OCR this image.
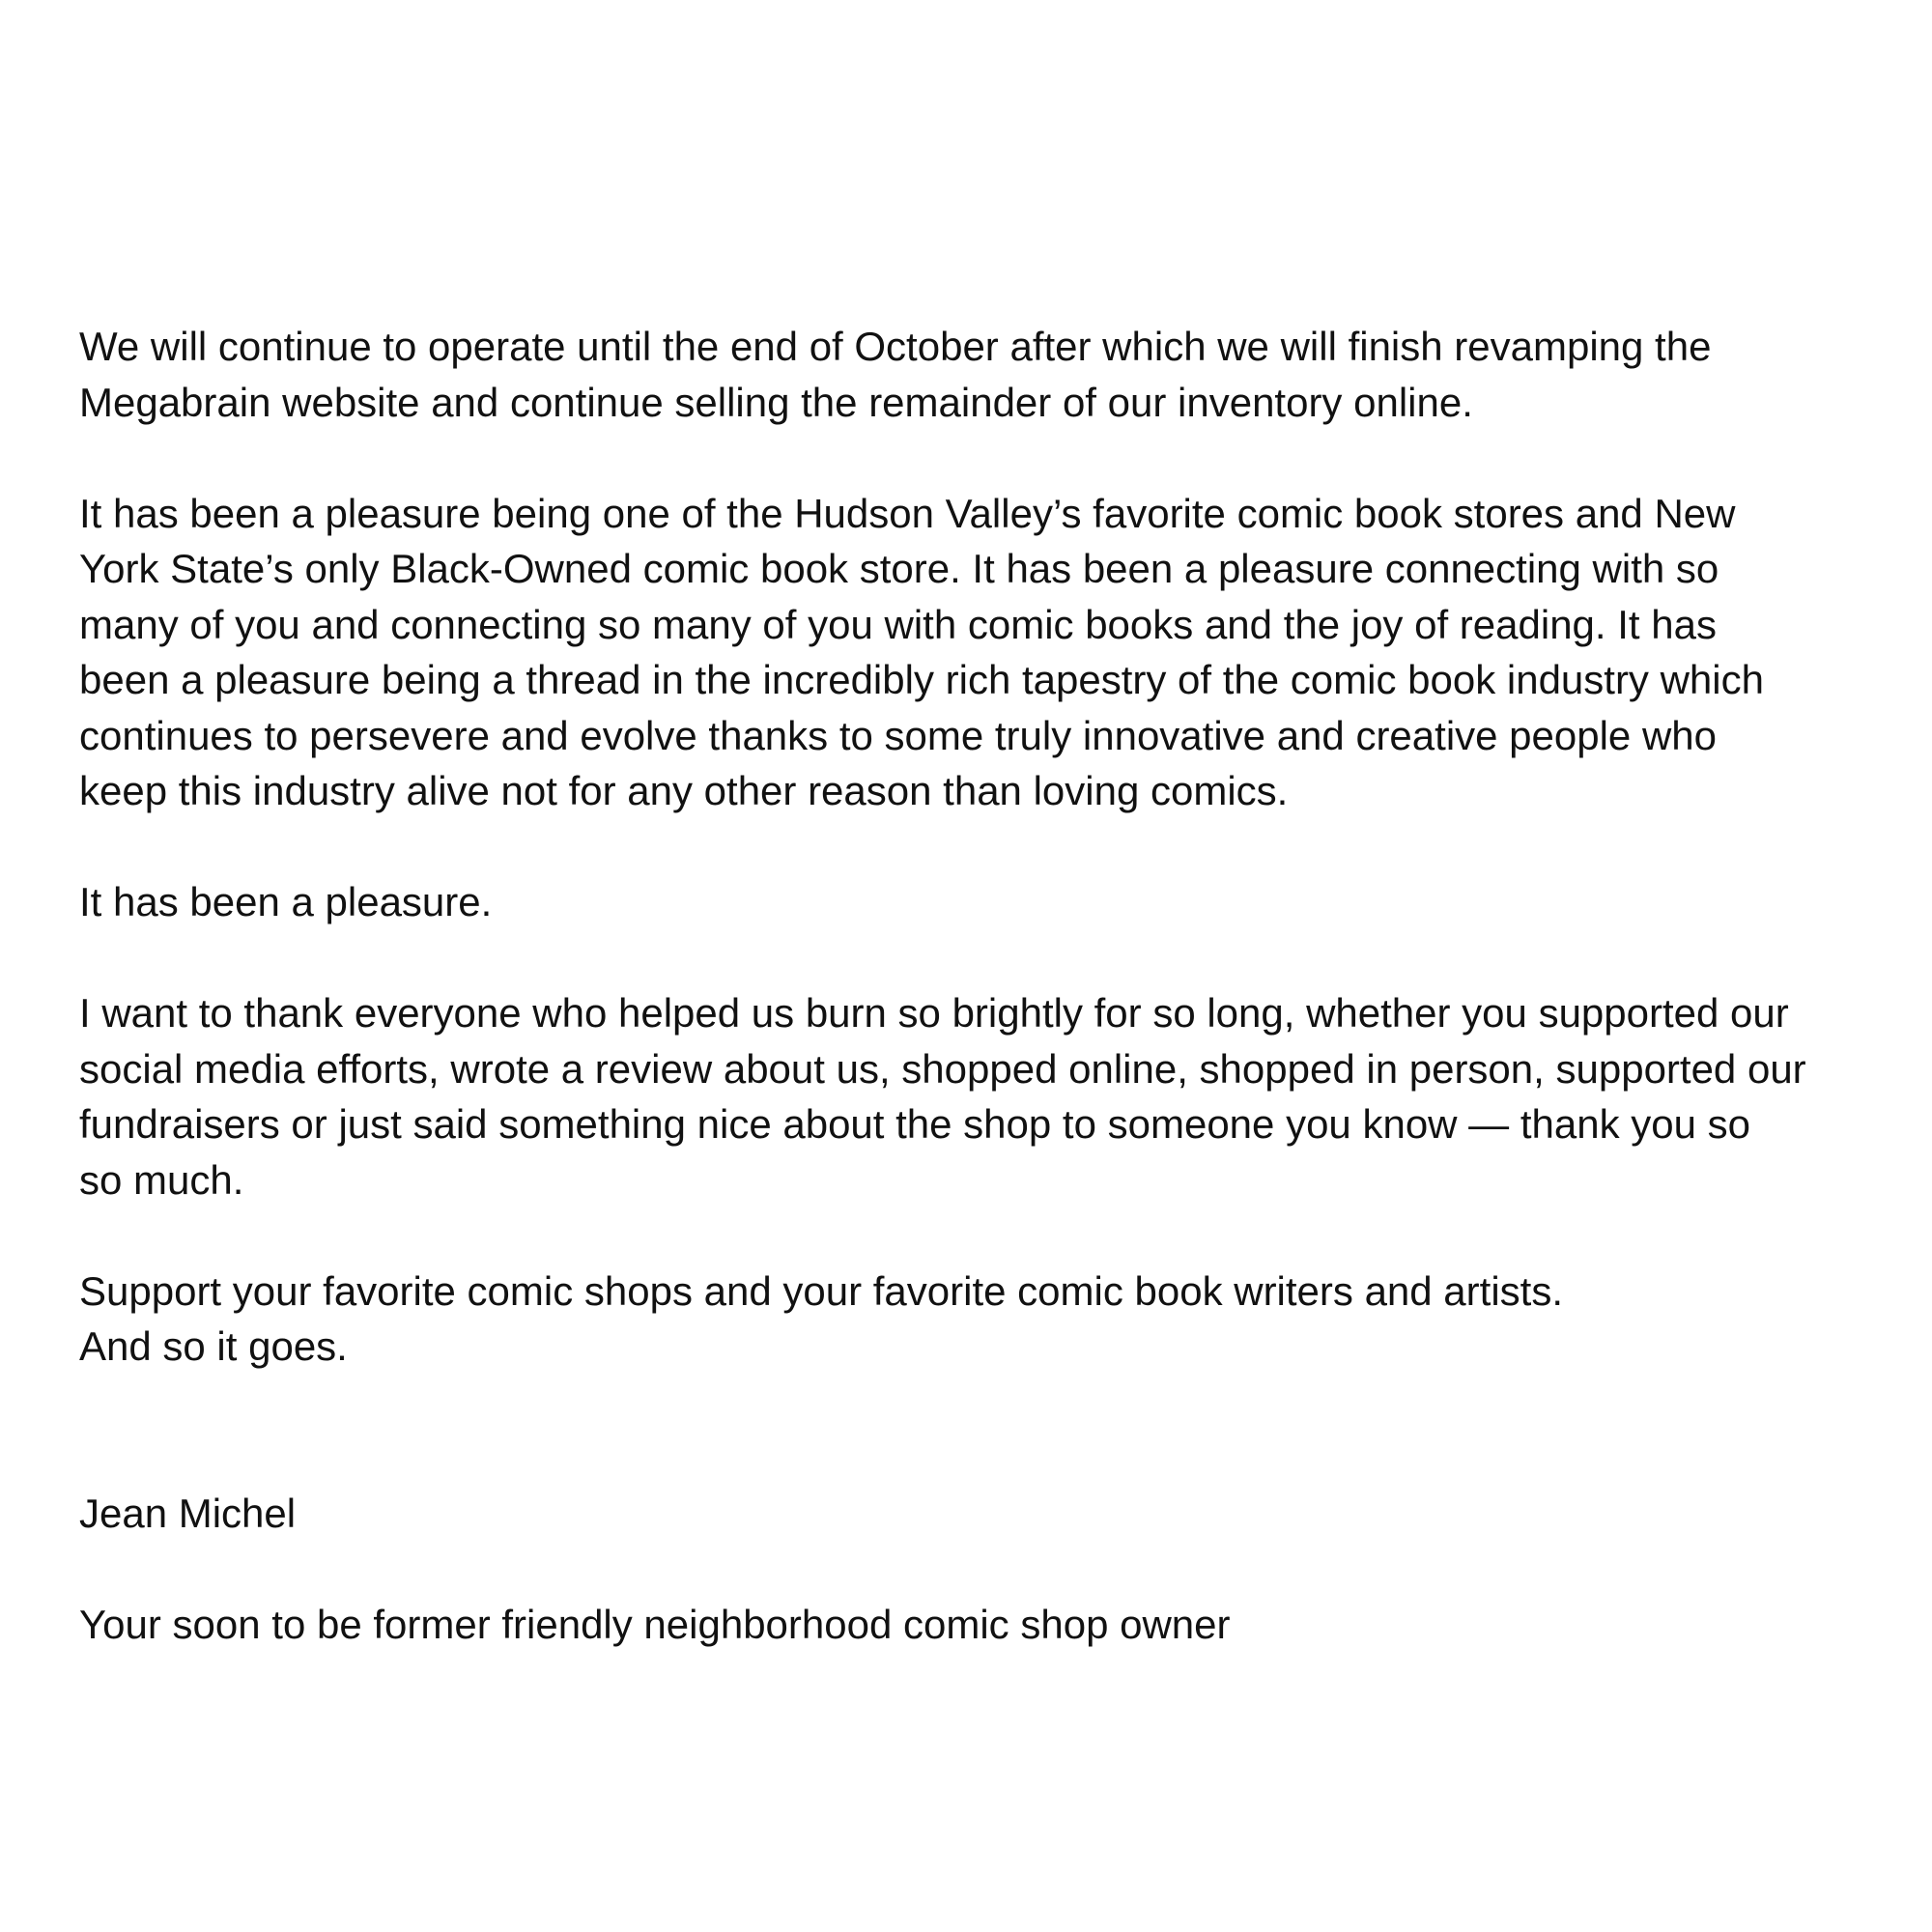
We will continue to operate until the end of October after which we will finish revamping the
Megabrain website and continue selling the remainder of our inventory online.

It has been a pleasure being one of the Hudson Valley’s favorite comic book stores and New
York State’s only Black-Owned comic book store. It has been a pleasure connecting with so
many of you and connecting so many of you with comic books and the joy of reading. It has
been a pleasure being a thread in the incredibly rich tapestry of the comic book industry which
continues to persevere and evolve thanks to some truly innovative and creative people who
keep this industry alive not for any other reason than loving comics.

It has been a pleasure.

I want to thank everyone who helped us burn so brightly for so long, whether you supported our
social media efforts, wrote a review about us, shopped online, shopped in person, supported our
fundraisers or just said something nice about the shop to someone you know — thank you so
so much.

Support your favorite comic shops and your favorite comic book writers and artists.
And so it goes.

Jean Michel

Your soon to be former friendly neighborhood comic shop owner
